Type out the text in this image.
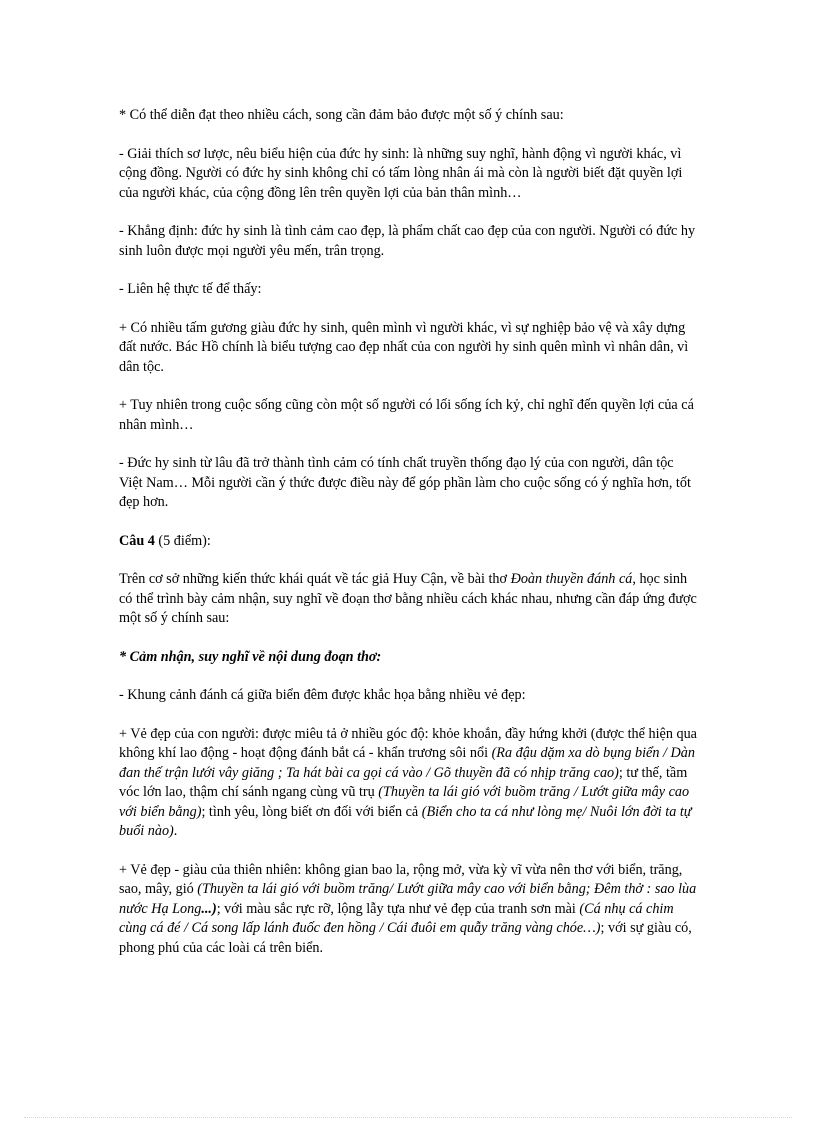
* Có thể diễn đạt theo nhiều cách, song cần đảm bảo được một số ý chính sau:

- Giải thích sơ lược, nêu biểu hiện của đức hy sinh: là những suy nghĩ, hành động vì người khác, vì cộng đồng. Người có đức hy sinh không chỉ có tấm lòng nhân ái mà còn là người biết đặt quyền lợi của người khác, của cộng đồng lên trên quyền lợi của bản thân mình…

- Khẳng định: đức hy sinh là tình cảm cao đẹp, là phẩm chất cao đẹp của con người. Người có đức hy sinh luôn được mọi người yêu mến, trân trọng.

- Liên hệ thực tế để thấy:

+ Có nhiều tấm gương giàu đức hy sinh, quên mình vì người khác, vì sự nghiệp bảo vệ và xây dựng đất nước. Bác Hồ chính là biểu tượng cao đẹp nhất của con người hy sinh quên mình vì nhân dân, vì dân tộc.

+ Tuy nhiên trong cuộc sống cũng còn một số người có lối sống ích kỷ, chỉ nghĩ đến quyền lợi của cá nhân mình…

- Đức hy sinh từ lâu đã trở thành tình cảm có tính chất truyền thống đạo lý của con người, dân tộc Việt Nam… Mỗi người cần ý thức được điều này để góp phần làm cho cuộc sống có ý nghĩa hơn, tốt đẹp hơn.

Câu 4 (5 điểm):

Trên cơ sở những kiến thức khái quát về tác giả Huy Cận, về bài thơ Đoàn thuyền đánh cá, học sinh có thể trình bày cảm nhận, suy nghĩ về đoạn thơ bằng nhiều cách khác nhau, nhưng cần đáp ứng được một số ý chính sau:

* Cảm nhận, suy nghĩ về nội dung đoạn thơ:

- Khung cảnh đánh cá giữa biển đêm được khắc họa bằng nhiều vẻ đẹp:

+ Vẻ đẹp của con người: được miêu tả ở nhiều góc độ: khỏe khoắn, đầy hứng khởi (được thể hiện qua không khí lao động - hoạt động đánh bắt cá - khẩn trương sôi nổi (Ra đậu dặm xa dò bụng biển / Dàn đan thế trận lưới vây giăng ; Ta hát bài ca gọi cá vào / Gõ thuyền đã có nhịp trăng cao); tư thế, tầm vóc lớn lao, thậm chí sánh ngang cùng vũ trụ (Thuyền ta lái gió với buồm trăng / Lướt giữa mây cao với biển bằng); tình yêu, lòng biết ơn đối với biển cả (Biển cho ta cá như lòng mẹ/ Nuôi lớn đời ta tự buổi nào).

+ Vẻ đẹp - giàu của thiên nhiên: không gian bao la, rộng mở, vừa kỳ vĩ vừa nên thơ với biển, trăng, sao, mây, gió (Thuyền ta lái gió với buồm trăng/ Lướt giữa mây cao với biển bằng; Đêm thở : sao lùa nước Hạ Long...); với màu sắc rực rỡ, lộng lẫy tựa như vẻ đẹp của tranh sơn mài (Cá nhụ cá chim cùng cá đé / Cá song lấp lánh đuốc đen hồng / Cái đuôi em quẫy trăng vàng chóe…); với sự giàu có, phong phú của các loài cá trên biển.
